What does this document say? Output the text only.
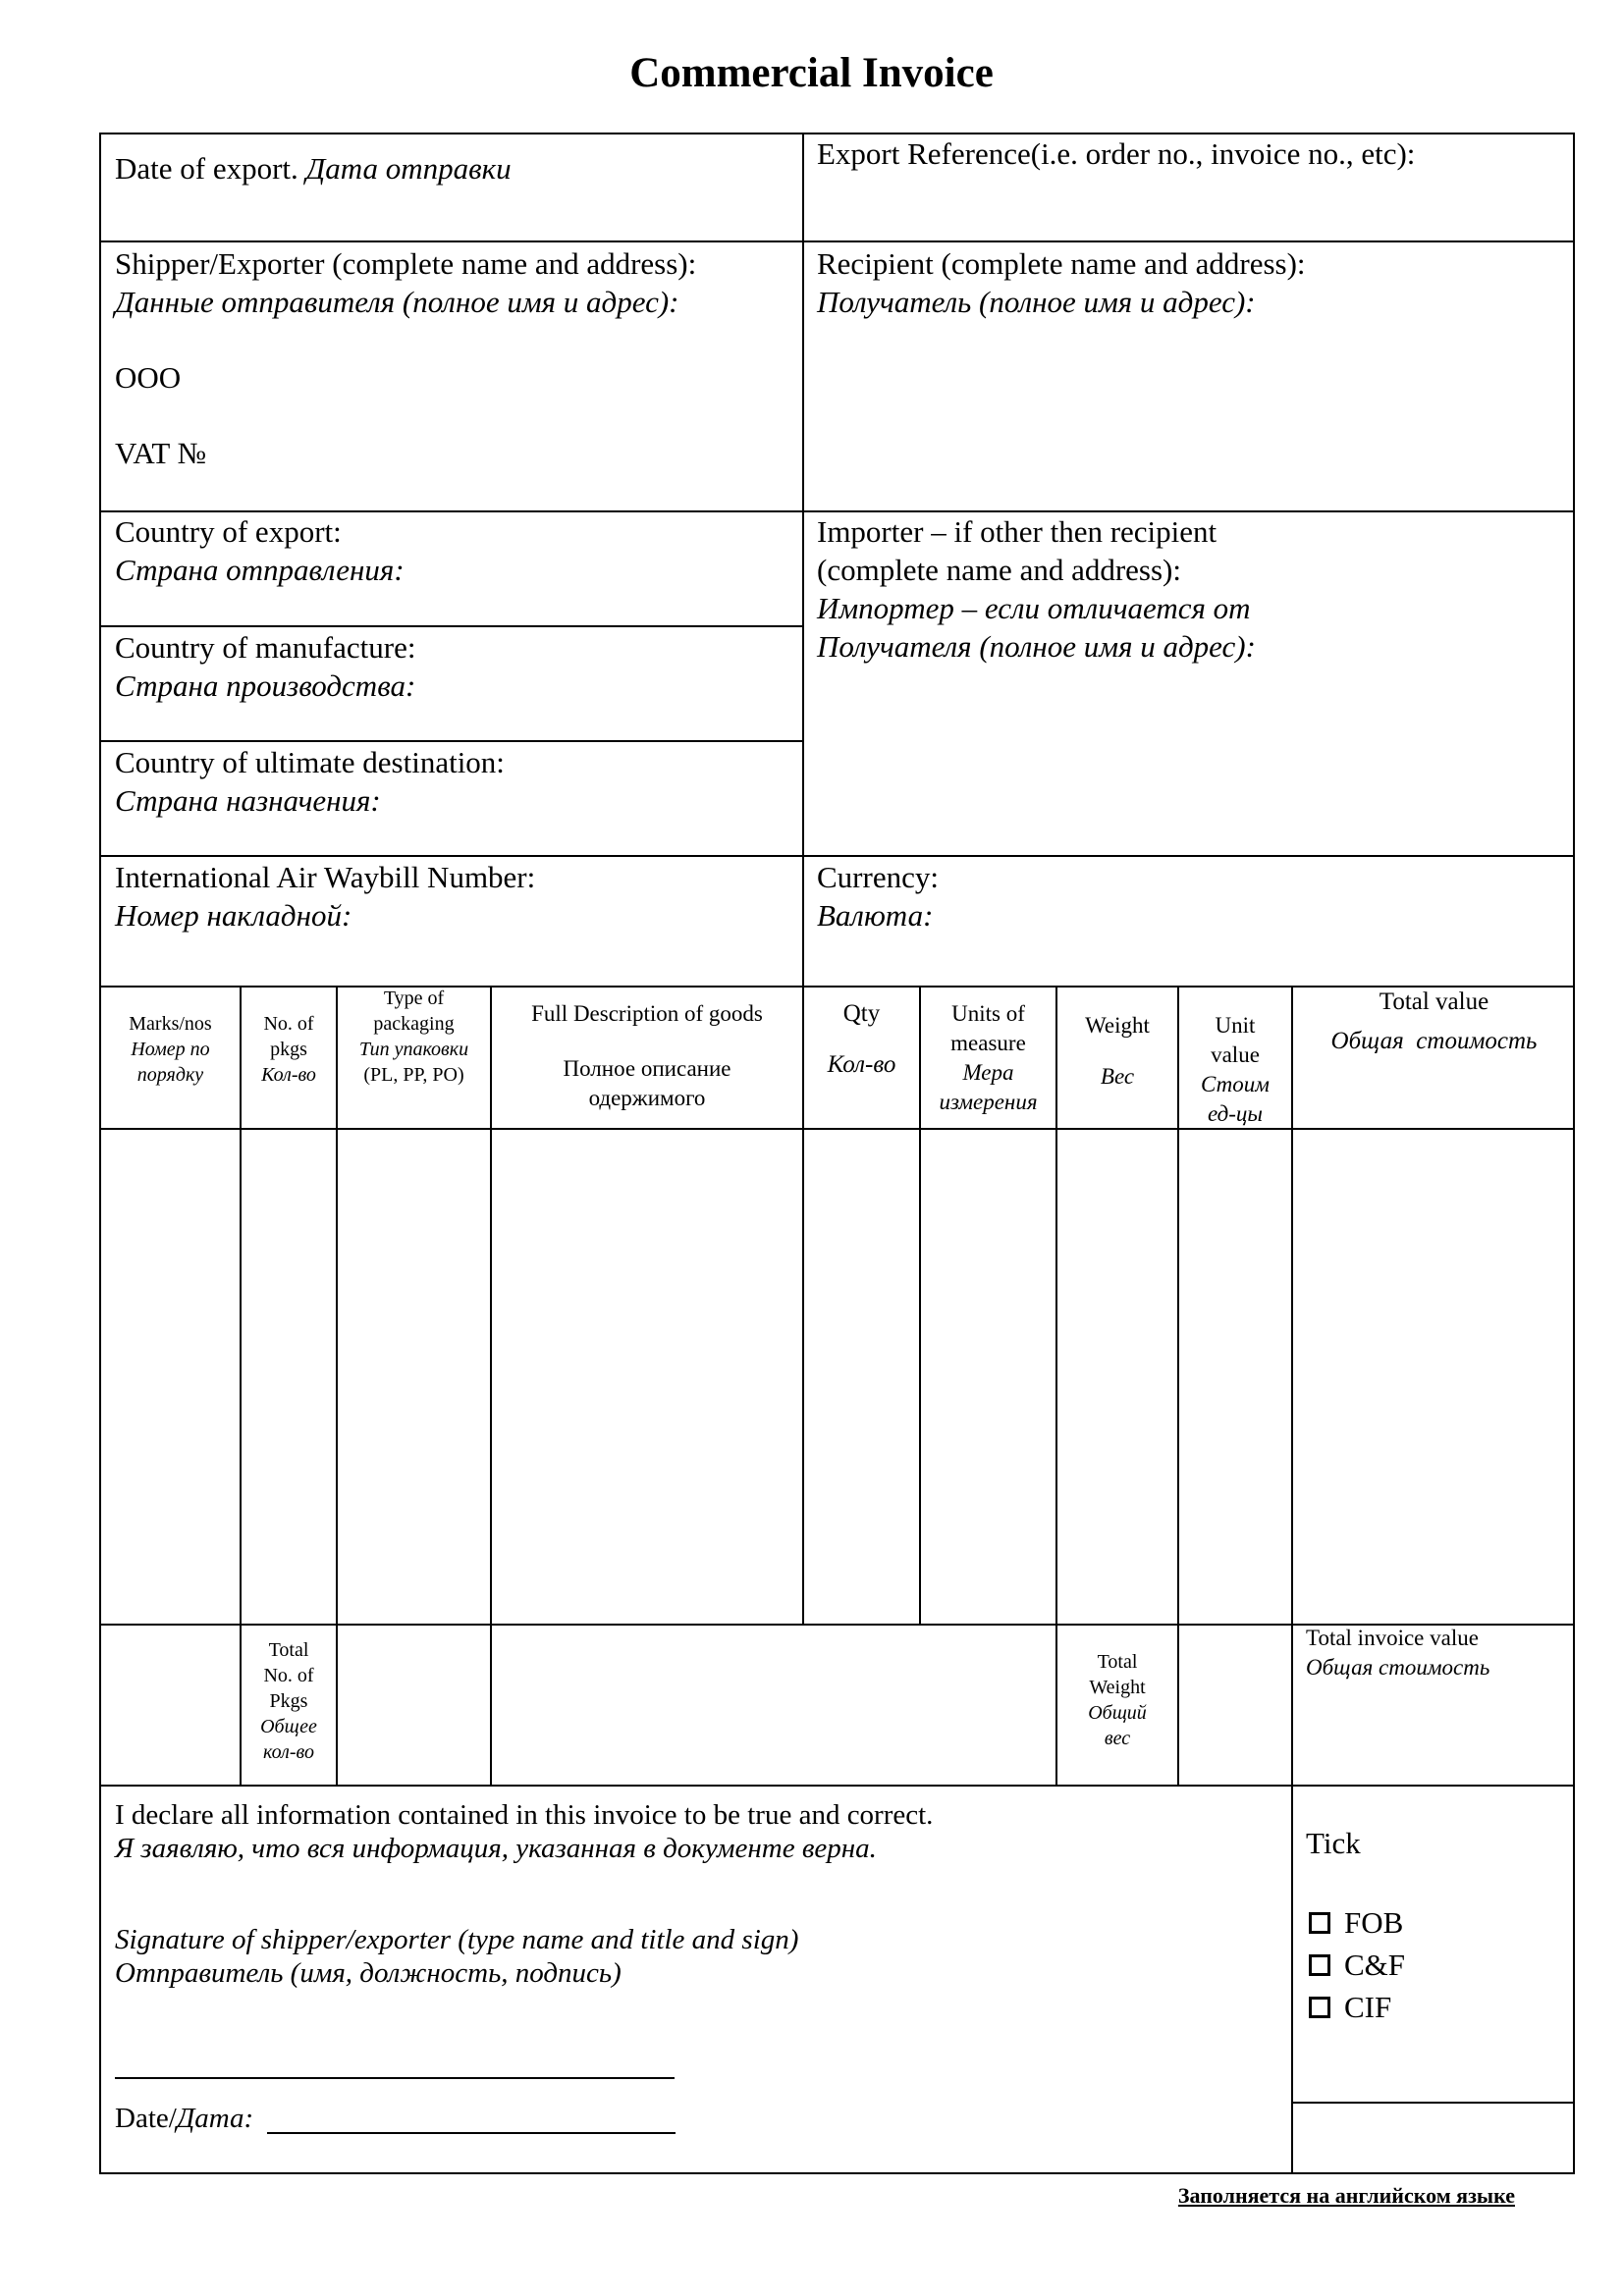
Commercial Invoice
Date of export. Дата отправки	Export Reference(i.e. order no., invoice no., etc):
Shipper/Exporter (complete name and address):
Данные отправителя (полное имя и адрес):
ООО
VAT №
Recipient (complete name and address):
Получатель (полное имя и адрес):
Country of export:
Страна отправления:
Country of manufacture:
Страна производства:
Country of ultimate destination:
Страна назначения:
Importer – if other then recipient
(complete name and address):
Импортер – если отличается от
Получателя (полное имя и адрес):
International Air Waybill Number:
Номер накладной:
Currency:
Валюта:
Marks/nos
Номер по
порядку
No. of
pkgs
Кол-во
Type of
packaging
Тип упаковки
(PL, PP, PO)
Full Description of goods
Полное описание
одержимого
Qty
Кол-во
Units of
measure
Мера
измерения
Weight
Вес
Unit
value
Стоим
ед-цы
Total value
Общая  стоимость
Total
No. of
Pkgs
Общее
кол-во
Total
Weight
Общий
вес
Total invoice value
Общая стоимость
I declare all information contained in this invoice to be true and correct.
Я заявляю, что вся информация, указанная в документе верна.
Signature of shipper/exporter (type name and title and sign)
Отправитель (имя, должность, подпись)
Date/Дата:
Tick
FOB
C&F
CIF
Заполняется на английском языке
